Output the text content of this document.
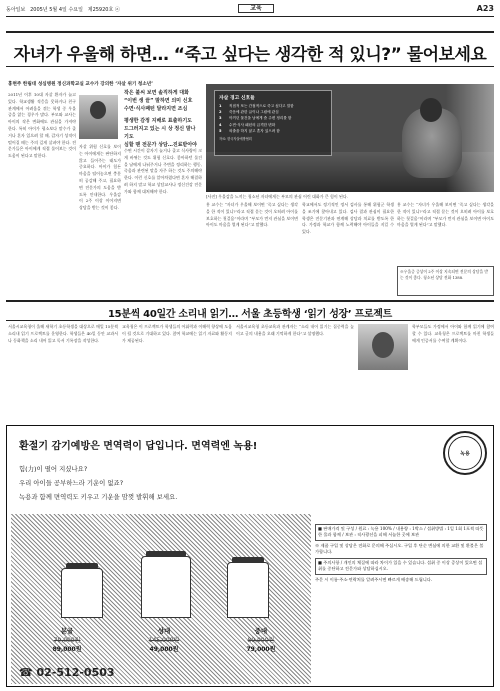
동아일보 2005년 5월 4일 수요일 제25920호 ⓐ	교육	A23
자녀가 우울해 하면… “죽고 싶다는 생각한 적 있니?” 물어보세요
홍현주 한림대 성심병원 정신과학교실 교수가 강의한 ‘자살 위기 청소년’
2011년 이후 10대 자살 환자가 늘고 있다. 학교생활 적응을 못하거나 친구 관계에서 어려움을 겪는 학생 중 우울증을 앓는 경우가 많다. 부모와 교사는 아이의 작은 변화에도 관심을 가져야 한다. 특히 아이가 평소보다 말수가 줄거나 혼자 있으려 할 때, 갑자기 성적이 떨어질 때는 주의 깊게 살펴야 한다. 전문가들은 아이에게 직접 물어보는 것이 도움이 된다고 말한다.
자살 위험 신호를 보이는 아이에게는 판단하지 않고 들어주는 태도가 중요하다. 아이가 힘든 마음을 털어놓으면 충분히 공감해 주고, 필요하면 전문가의 도움을 받도록 안내한다. 우울감이 2주 이상 이어지면 상담을 받는 것이 좋다.
작은 불씨 보면 솔직하게 대화
“이번 생 끝” 말하면 의미 신호
수면·식사패턴 달라지면 조심
평생한 감정 지배로 표출하기도
드그러지고 있는 시 상 정신 말나기도
심할 땐 전문가 상담…진료받아야
수면 시간이 갑자기 늘거나 줄고 식사량이 크게 바뀌는 것도 위험 신호다. 좋아하던 물건을 남에게 나눠주거나 주변을 정리하는 행동, 죽음과 관련된 말을 자주 하는 것도 주의해야 한다. 이런 신호를 알아차렸다면 혼자 해결하려 하지 말고 학교 상담교사나 정신건강 전문가와 함께 대처해야 한다.
자살 경고 신호들
1	직접적 또는 간접적으로 죽고 싶다고 말함
2	죽음에 관한 글이나 그림에 관심
3	아끼던 물건을 남에게 줌 주변 정리를 함
4	수면·식사 패턴의 급격한 변화
5	외출을 하지 않고 혼자 있으려 함
자료: 한국자살예방협회
[사진] 우울감을 느끼는 청소년 자녀에게는 부모의 관심 어린 대화가 큰 힘이 된다.
홍 교수는 “자녀가 우울해 보이면 ‘죽고 싶다는 생각을 한 적이 있니?’라고 직접 묻는 것이 오히려 아이를 보호하는 첫걸음”이라며 “부모가 먼저 관심을 보이면 아이도 마음을 열게 된다”고 말했다.
학교에서도 정기적인 정서 검사를 통해 위험군 학생을 조기에 찾아내고 있다. 검사 결과 관심이 필요한 학생은 전문기관과 연계해 상담과 치료를 받도록 한다. 가정과 학교가 함께 노력해야 아이들을 지킬 수 있다.
홍 교수는 “자녀가 우울해 보이면 ‘죽고 싶다는 생각을 한 적이 있니?’라고 직접 묻는 것이 오히려 아이를 보호하는 첫걸음”이라며 “부모가 먼저 관심을 보이면 아이도 마음을 열게 된다”고 말했다.
※우울증 증상이 2주 이상 지속되면 전문의 상담을 받는 것이 좋다. 청소년 상담 전화 1388.
15분씩 40일간 소리내 읽기… 서울 초등학생 ‘읽기 성장’ 프로젝트
서울시교육청이 올해 새학기 초등학생을 대상으로 매일 15분씩 소리내 읽기 프로젝트를 운영한다. 학생들은 40일 동안 교과서나 동화책을 소리 내어 읽고 독서 기록장을 작성한다.
교육청은 이 프로젝트가 학생들의 어휘력과 이해력 향상에 도움이 될 것으로 기대하고 있다. 참여 학교에는 읽기 자료와 활동지가 제공된다.
서울시교육청 초등교육과 관계자는 “소리 내어 읽기는 집중력을 높이고 글의 내용을 오래 기억하게 한다”고 설명했다.
학부모들도 가정에서 아이와 함께 읽기에 참여할 수 있다. 교육청은 프로젝트를 마친 학생들에게 인증서를 수여할 계획이다.
환절기 감기예방은 면역력이 답입니다. 면역력엔 녹용!
녹용
힘(力)이 떨어 지셨나요?
우리 아이들 공부하느라 기운이 없죠?
녹용과 함께 면역력도 키우고 기운을 맘껏 발휘해 보세요.
분골
79,000원
89,000원
상대
145,000원
49,000원
중대
89,000원
79,000원
☎ 02-512-0503
■ 판매가격 및 구성 / 원료 : 녹용 100% / 내용량 : 1박스 / 섭취방법 : 1일 1회 1포씩 따뜻한 물과 함께 / 보관 : 직사광선을 피해 서늘한 곳에 보관
※ 제품 구입 및 상담은 전화로 문의해 주십시오. 구입 후 단순 변심에 의한 교환 및 환불은 불가합니다.
■ 주의사항 / 개인의 체질에 따라 차이가 있을 수 있습니다. 섭취 중 이상 증상이 있으면 섭취를 중단하고 전문가와 상담하십시오.
주문 시 이름·주소·연락처를 알려주시면 빠르게 배송해 드립니다.
